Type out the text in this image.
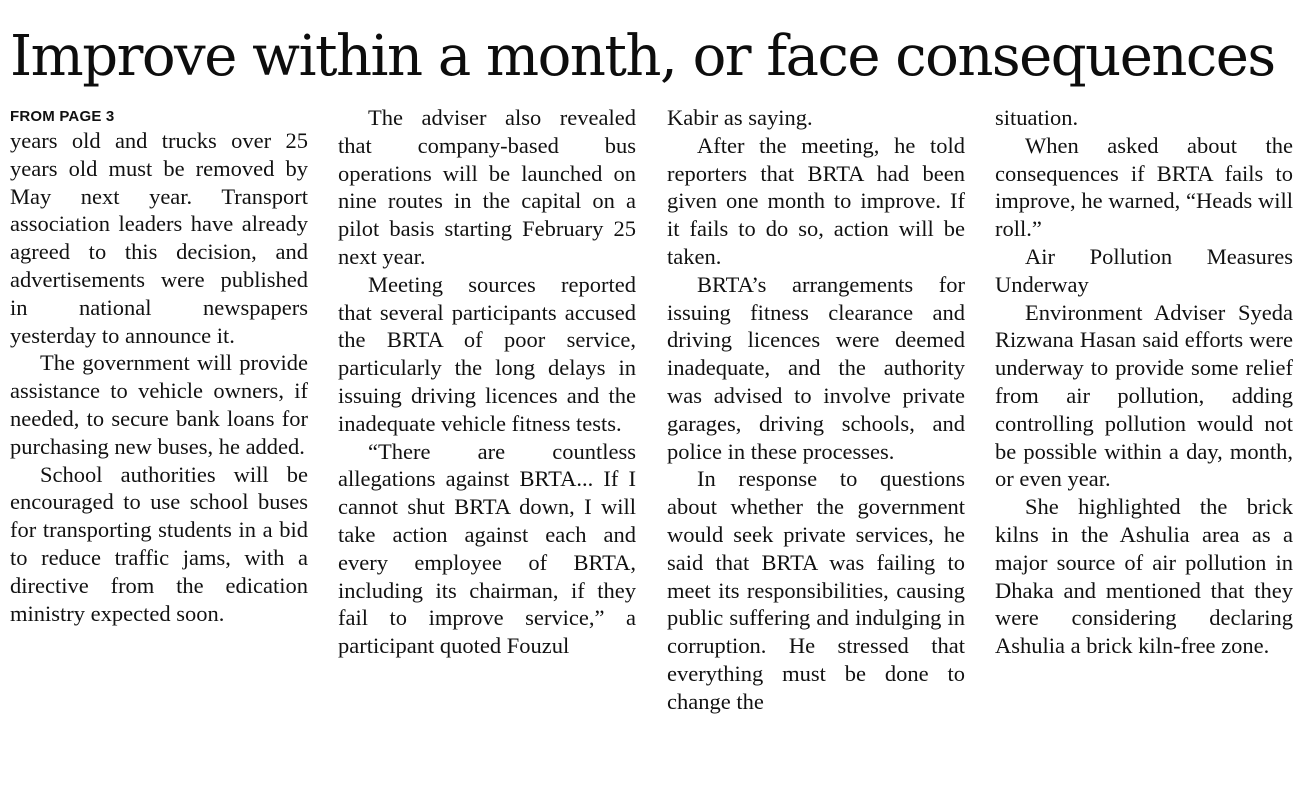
Improve within a month, or face consequences
FROM PAGE 3

years old and trucks over 25 years old must be removed by May next year. Transport association leaders have already agreed to this decision, and advertisements were published in national newspapers yesterday to announce it.

The government will provide assistance to vehicle owners, if needed, to secure bank loans for purchasing new buses, he added.

School authorities will be encouraged to use school buses for transporting students in a bid to reduce traffic jams, with a directive from the edication ministry expected soon.

The adviser also revealed that company-based bus operations will be launched on nine routes in the capital on a pilot basis starting February 25 next year.

Meeting sources reported that several participants accused the BRTA of poor service, particularly the long delays in issuing driving licences and the inadequate vehicle fitness tests.

“There are countless allegations against BRTA... If I cannot shut BRTA down, I will take action against each and every employee of BRTA, including its chairman, if they fail to improve service,” a participant quoted Fouzul

Kabir as saying.

After the meeting, he told reporters that BRTA had been given one month to improve. If it fails to do so, action will be taken.

BRTA’s arrangements for issuing fitness clearance and driving licences were deemed inadequate, and the authority was advised to involve private garages, driving schools, and police in these processes.

In response to questions about whether the government would seek private services, he said that BRTA was failing to meet its responsibilities, causing public suffering and indulging in corruption. He stressed that everything must be done to change the

situation.

When asked about the consequences if BRTA fails to improve, he warned, “Heads will roll.”

Air Pollution Measures Underway

Environment Adviser Syeda Rizwana Hasan said efforts were underway to provide some relief from air pollution, adding controlling pollution would not be possible within a day, month, or even year.

She highlighted the brick kilns in the Ashulia area as a major source of air pollution in Dhaka and mentioned that they were considering declaring Ashulia a brick kiln-free zone.
